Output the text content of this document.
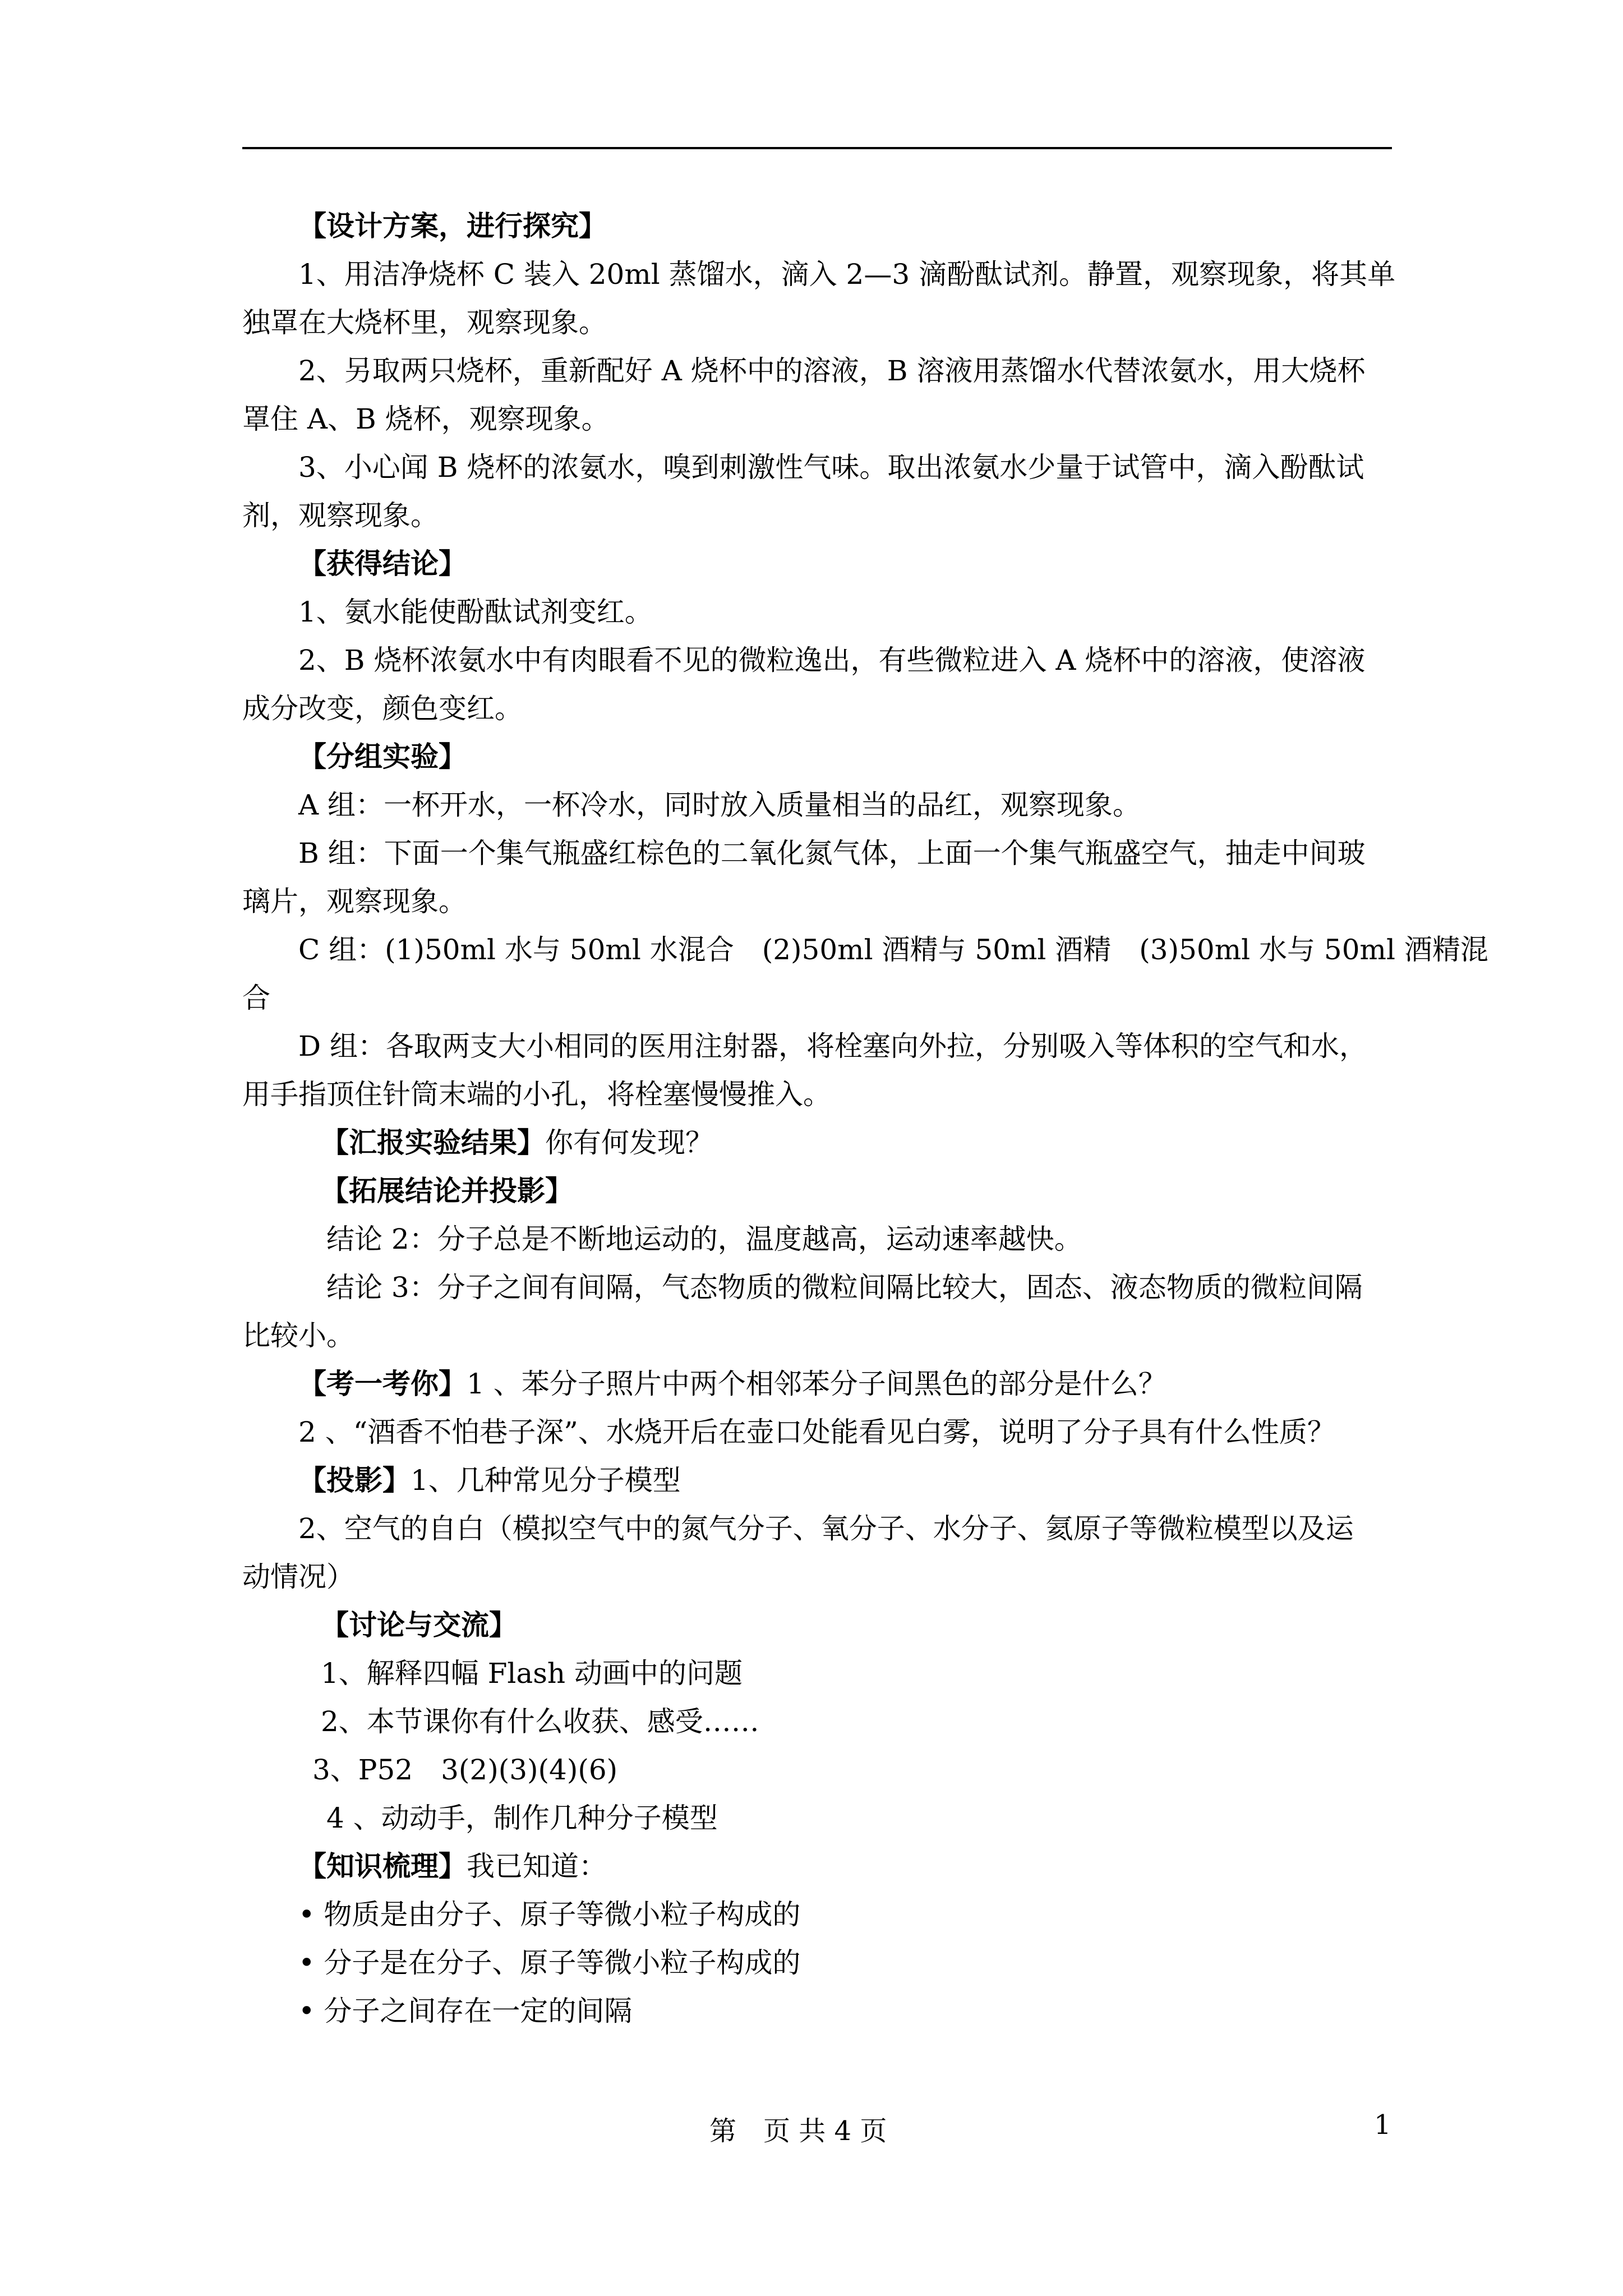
【设计方案，进行探究】
1、用洁净烧杯 C 装入 20ml 蒸馏水，滴入 2—3 滴酚酞试剂。静置，观察现象，将其单
独罩在大烧杯里，观察现象。
2、另取两只烧杯，重新配好 A 烧杯中的溶液，B 溶液用蒸馏水代替浓氨水，用大烧杯
罩住 A、B 烧杯，观察现象。
3、小心闻 B 烧杯的浓氨水，嗅到刺激性气味。取出浓氨水少量于试管中，滴入酚酞试
剂，观察现象。
【获得结论】
1、氨水能使酚酞试剂变红。
2、B 烧杯浓氨水中有肉眼看不见的微粒逸出，有些微粒进入 A 烧杯中的溶液，使溶液
成分改变，颜色变红。
【分组实验】
A 组：一杯开水，一杯冷水，同时放入质量相当的品红，观察现象。
B 组：下面一个集气瓶盛红棕色的二氧化氮气体，上面一个集气瓶盛空气，抽走中间玻
璃片，观察现象。
C 组：(1)50ml 水与 50ml 水混合　(2)50ml 酒精与 50ml 酒精　(3)50ml 水与 50ml 酒精混
合
D 组：各取两支大小相同的医用注射器，将栓塞向外拉，分别吸入等体积的空气和水，
用手指顶住针筒末端的小孔，将栓塞慢慢推入。
【汇报实验结果】你有何发现？
【拓展结论并投影】
结论 2：分子总是不断地运动的，温度越高，运动速率越快。
结论 3：分子之间有间隔，气态物质的微粒间隔比较大，固态、液态物质的微粒间隔
比较小。
【考一考你】1 、苯分子照片中两个相邻苯分子间黑色的部分是什么？
2 、“酒香不怕巷子深”、水烧开后在壶口处能看见白雾，说明了分子具有什么性质？
【投影】1、几种常见分子模型
2、空气的自白（模拟空气中的氮气分子、氧分子、水分子、氦原子等微粒模型以及运
动情况）
【讨论与交流】
1、解释四幅 Flash 动画中的问题
2、本节课你有什么收获、感受……
3、P52　3(2)(3)(4)(6)
4 、动动手，制作几种分子模型
【知识梳理】我已知道：
• 物质是由分子、原子等微小粒子构成的
• 分子是在分子、原子等微小粒子构成的
• 分子之间存在一定的间隔
第　页 共 4 页	1
